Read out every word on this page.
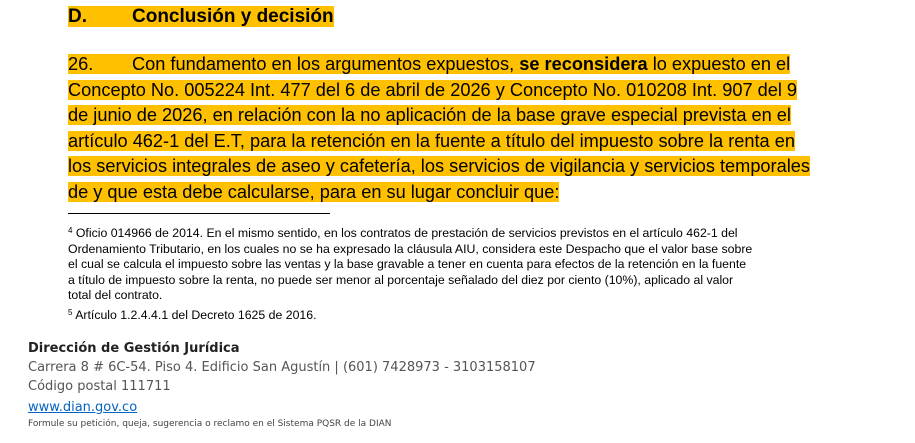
D. Conclusión y decisión
26. Con fundamento en los argumentos expuestos, se reconsidera lo expuesto en el
Concepto No. 005224 Int. 477 del 6 de abril de 2026 y Concepto No. 010208 Int. 907 del 9
de junio de 2026, en relación con la no aplicación de la base grave especial prevista en el
artículo 462-1 del E.T, para la retención en la fuente a título del impuesto sobre la renta en
los servicios integrales de aseo y cafetería, los servicios de vigilancia y servicios temporales
de y que esta debe calcularse, para en su lugar concluir que:
$^4$ Oficio 014966 de 2014. En el mismo sentido, en los contratos de prestación de servicios previstos en el artículo 462-1 del
Ordenamiento Tributario, en los cuales no se ha expresado la cláusula AIU, considera este Despacho que el valor base sobre
el cual se calcula el impuesto sobre las ventas y la base gravable a tener en cuenta para efectos de la retención en la fuente
a título de impuesto sobre la renta, no puede ser menor al porcentaje señalado del diez por ciento (10%), aplicado al valor
total del contrato.
$^5$ Artículo 1.2.4.4.1 del Decreto 1625 de 2016.
Dirección de Gestión Jurídica
Carrera 8 # 6C-54. Piso 4. Edificio San Agustín | (601) 7428973 - 3103158107
Código postal 111711
www.dian.gov.co
Formule su petición, queja, sugerencia o reclamo en el Sistema PQSR de la DIAN
